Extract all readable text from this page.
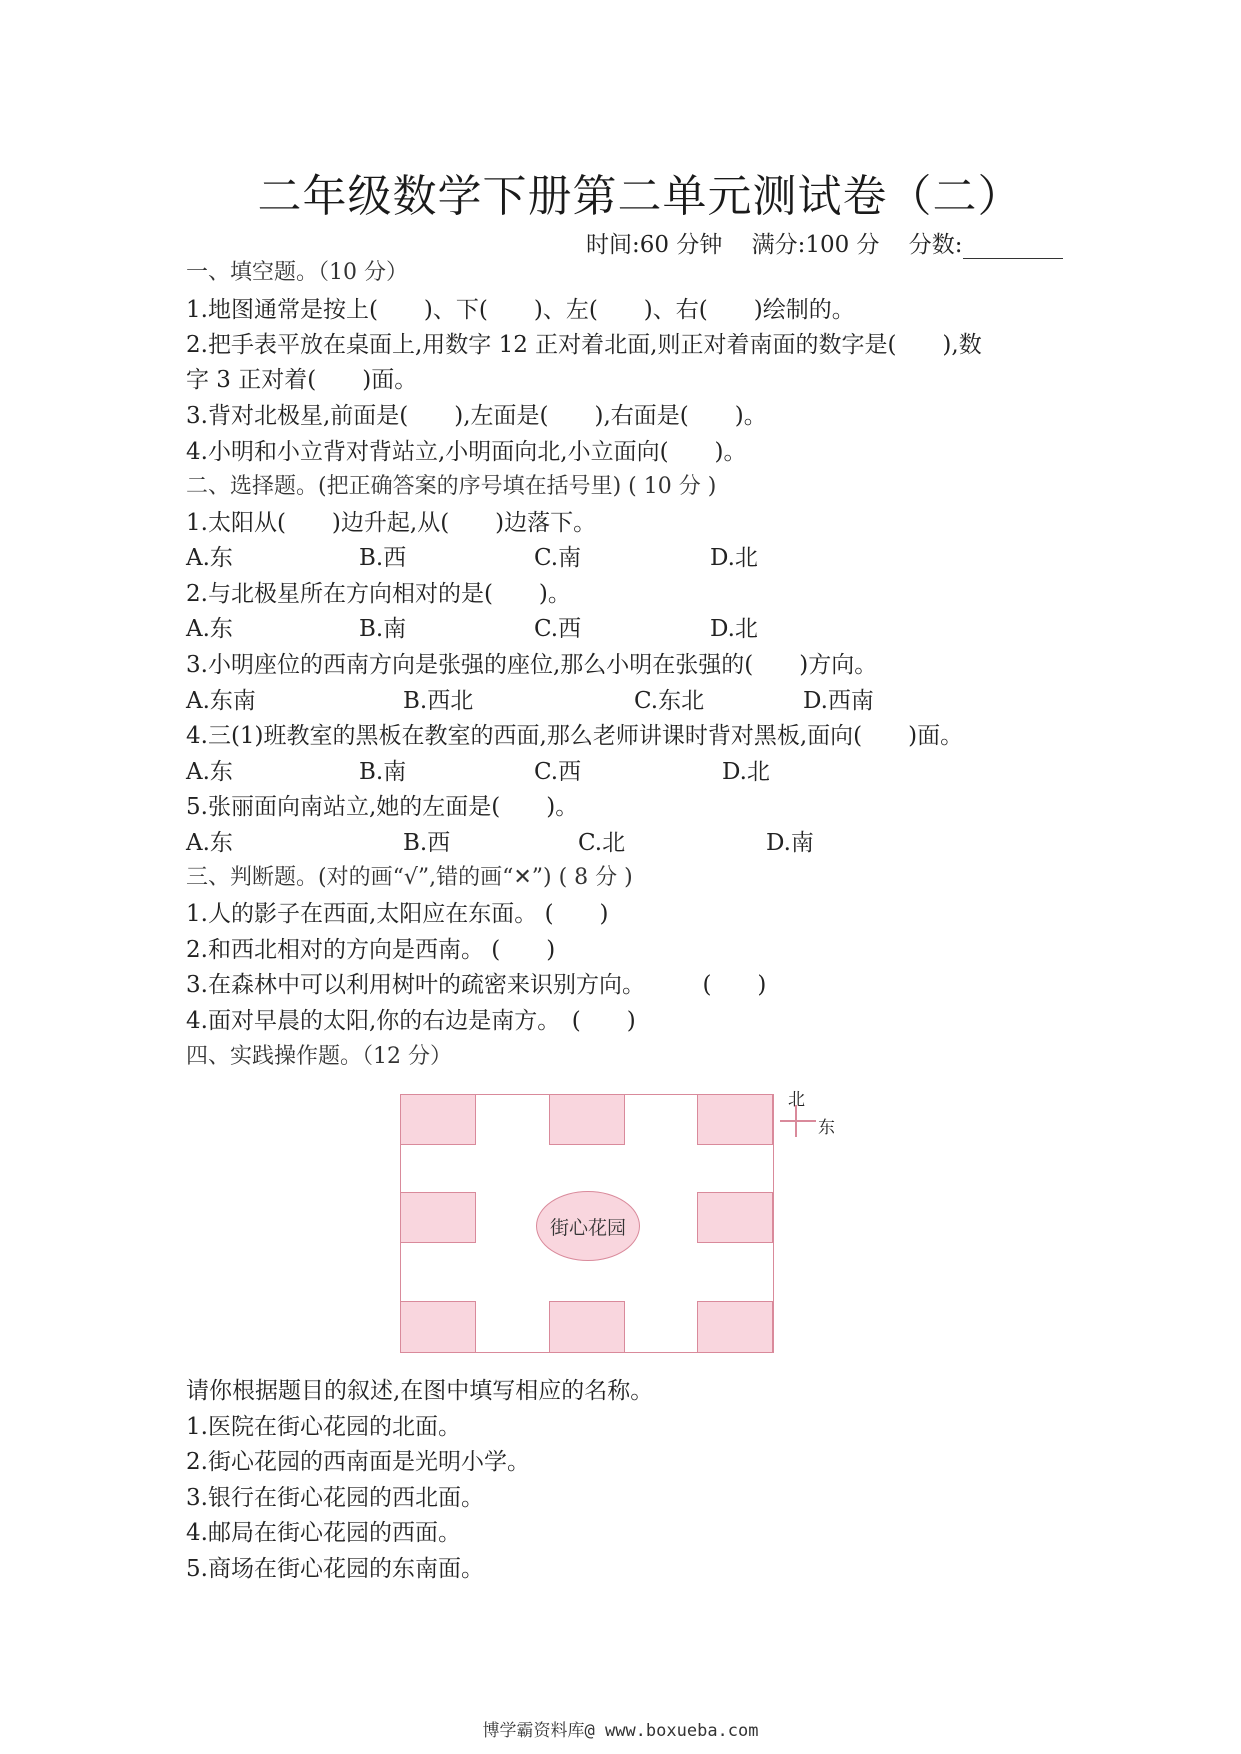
二年级数学下册第二单元测试卷（二）
时间:60 分钟 满分:100 分 分数:
一、填空题。（10 分）
1.地图通常是按上(　　)、下(　　)、左(　　)、右(　　)绘制的。
2.把手表平放在桌面上,用数字 12 正对着北面,则正对着南面的数字是(　　),数
字 3 正对着(　　)面。
3.背对北极星,前面是(　　),左面是(　　),右面是(　　)。
4.小明和小立背对背站立,小明面向北,小立面向(　　)。
二、选择题。(把正确答案的序号填在括号里) ( 10 分 )
1.太阳从(　　)边升起,从(　　)边落下。
A.东	B.西	C.南	D.北
2.与北极星所在方向相对的是(　　)。
A.东	B.南	C.西	D.北
3.小明座位的西南方向是张强的座位,那么小明在张强的(　　)方向。
A.东南	B.西北	C.东北	D.西南
4.三(1)班教室的黑板在教室的西面,那么老师讲课时背对黑板,面向(　　)面。
A.东	B.南	C.西	D.北
5.张丽面向南站立,她的左面是(　　)。
A.东	B.西	C.北	D.南
三、判断题。(对的画“√”,错的画“✕”) ( 8 分 )
1.人的影子在西面,太阳应在东面。 (　　)
2.和西北相对的方向是西南。 (　　)
3.在森林中可以利用树叶的疏密来识别方向。　　　(　　)
4.面对早晨的太阳,你的右边是南方。　(　　)
四、实践操作题。（12 分）
街心花园
北
东
请你根据题目的叙述,在图中填写相应的名称。
1.医院在街心花园的北面。
2.街心花园的西南面是光明小学。
3.银行在街心花园的西北面。
4.邮局在街心花园的西面。
5.商场在街心花园的东南面。
博学霸资料库@ www.boxueba.com
